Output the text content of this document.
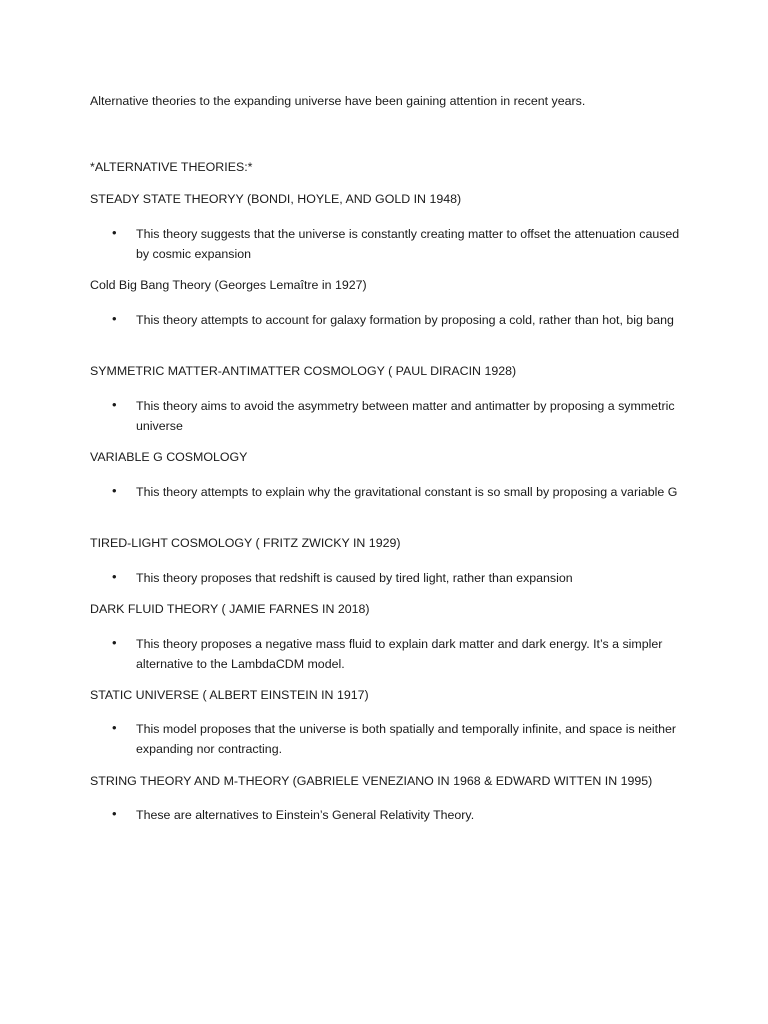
Alternative theories to the expanding universe have been gaining attention in recent years.
*ALTERNATIVE THEORIES:*
STEADY STATE THEORYY (BONDI, HOYLE, AND GOLD IN 1948)
• This theory suggests that the universe is constantly creating matter to offset the attenuation caused by cosmic expansion
Cold Big Bang Theory (Georges Lemaître in 1927)
• This theory attempts to account for galaxy formation by proposing a cold, rather than hot, big bang
SYMMETRIC MATTER-ANTIMATTER COSMOLOGY ( PAUL DIRACIN 1928)
• This theory aims to avoid the asymmetry between matter and antimatter by proposing a symmetric universe
VARIABLE G COSMOLOGY
• This theory attempts to explain why the gravitational constant is so small by proposing a variable G
TIRED-LIGHT COSMOLOGY ( FRITZ ZWICKY IN 1929)
• This theory proposes that redshift is caused by tired light, rather than expansion
DARK FLUID THEORY ( JAMIE FARNES IN 2018)
• This theory proposes a negative mass fluid to explain dark matter and dark energy. It’s a simpler alternative to the LambdaCDM model.
STATIC UNIVERSE ( ALBERT EINSTEIN IN 1917)
• This model proposes that the universe is both spatially and temporally infinite, and space is neither expanding nor contracting.
STRING THEORY AND M-THEORY (GABRIELE VENEZIANO IN 1968 & EDWARD WITTEN IN 1995)
• These are alternatives to Einstein’s General Relativity Theory.
